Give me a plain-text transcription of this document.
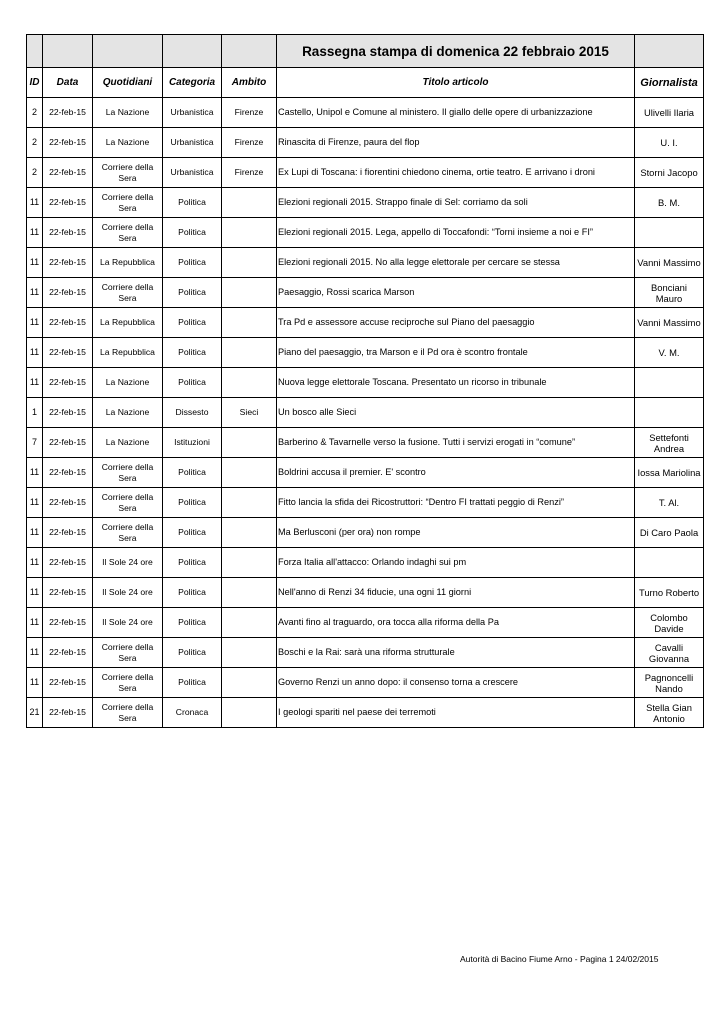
					Rassegna stampa di domenica 22 febbraio 2015	
ID	Data	Quotidiani	Categoria	Ambito	Titolo articolo	Giornalista
2	22-feb-15	La Nazione	Urbanistica	Firenze	Castello, Unipol e Comune al ministero. Il giallo delle opere di urbanizzazione	Ulivelli Ilaria
2	22-feb-15	La Nazione	Urbanistica	Firenze	Rinascita di Firenze, paura del flop	U. I.
2	22-feb-15	Corriere della Sera	Urbanistica	Firenze	Ex Lupi di Toscana: i fiorentini chiedono cinema, ortie teatro. E arrivano i droni	Storni Jacopo
11	22-feb-15	Corriere della Sera	Politica		Elezioni regionali 2015. Strappo finale di Sel: corriamo da soli	B. M.
11	22-feb-15	Corriere della Sera	Politica		Elezioni regionali 2015. Lega, appello di Toccafondi: “Torni insieme a noi e FI”	
11	22-feb-15	La Repubblica	Politica		Elezioni regionali 2015. No alla legge elettorale per cercare se stessa	Vanni Massimo
11	22-feb-15	Corriere della Sera	Politica		Paesaggio, Rossi scarica Marson	Bonciani Mauro
11	22-feb-15	La Repubblica	Politica		Tra Pd e assessore accuse reciproche sul Piano del paesaggio	Vanni Massimo
11	22-feb-15	La Repubblica	Politica		Piano del paesaggio, tra Marson e il Pd ora è scontro frontale	V. M.
11	22-feb-15	La Nazione	Politica		Nuova legge elettorale Toscana. Presentato un ricorso in tribunale	
1	22-feb-15	La Nazione	Dissesto	Sieci	Un bosco alle Sieci	
7	22-feb-15	La Nazione	Istituzioni		Barberino & Tavarnelle verso la fusione. Tutti i servizi erogati in “comune”	Settefonti Andrea
11	22-feb-15	Corriere della Sera	Politica		Boldrini accusa il premier. E' scontro	Iossa Mariolina
11	22-feb-15	Corriere della Sera	Politica		Fitto lancia la sfida dei Ricostruttori: “Dentro FI trattati peggio di Renzi”	T. Al.
11	22-feb-15	Corriere della Sera	Politica		Ma Berlusconi (per ora) non rompe	Di Caro Paola
11	22-feb-15	Il Sole 24 ore	Politica		Forza Italia all'attacco: Orlando indaghi sui pm	
11	22-feb-15	Il Sole 24 ore	Politica		Nell'anno di Renzi 34 fiducie, una ogni 11 giorni	Turno Roberto
11	22-feb-15	Il Sole 24 ore	Politica		Avanti fino al traguardo, ora tocca alla riforma della Pa	Colombo Davide
11	22-feb-15	Corriere della Sera	Politica		Boschi e la Rai: sarà una riforma strutturale	Cavalli Giovanna
11	22-feb-15	Corriere della Sera	Politica		Governo Renzi un anno dopo: il consenso torna a crescere	Pagnoncelli Nando
21	22-feb-15	Corriere della Sera	Cronaca		I geologi spariti nel paese dei terremoti	Stella Gian Antonio
Autorità di Bacino Fiume Arno - Pagina 1 24/02/2015
